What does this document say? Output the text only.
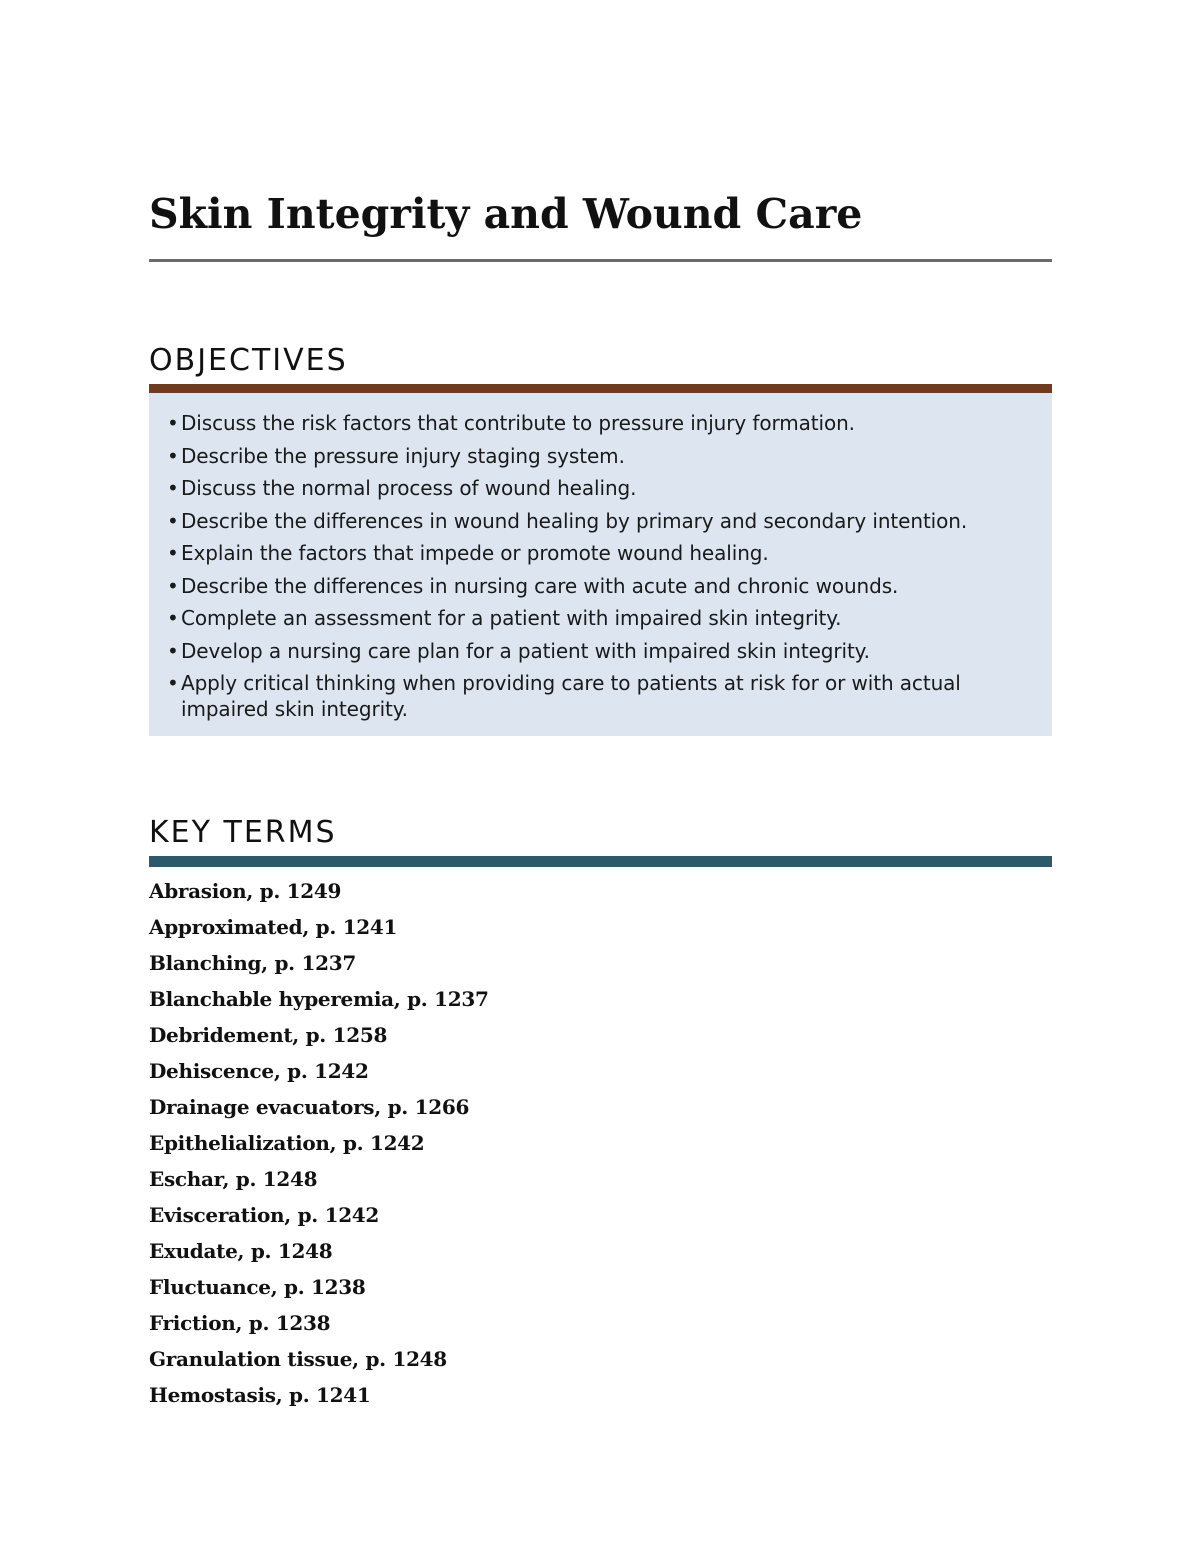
Skin Integrity and Wound Care
OBJECTIVES
• Discuss the risk factors that contribute to pressure injury formation.
• Describe the pressure injury staging system.
• Discuss the normal process of wound healing.
• Describe the differences in wound healing by primary and secondary intention.
• Explain the factors that impede or promote wound healing.
• Describe the differences in nursing care with acute and chronic wounds.
• Complete an assessment for a patient with impaired skin integrity.
• Develop a nursing care plan for a patient with impaired skin integrity.
• Apply critical thinking when providing care to patients at risk for or with actual impaired skin integrity.
KEY TERMS
Abrasion, p. 1249
Approximated, p. 1241
Blanching, p. 1237
Blanchable hyperemia, p. 1237
Debridement, p. 1258
Dehiscence, p. 1242
Drainage evacuators, p. 1266
Epithelialization, p. 1242
Eschar, p. 1248
Evisceration, p. 1242
Exudate, p. 1248
Fluctuance, p. 1238
Friction, p. 1238
Granulation tissue, p. 1248
Hemostasis, p. 1241
